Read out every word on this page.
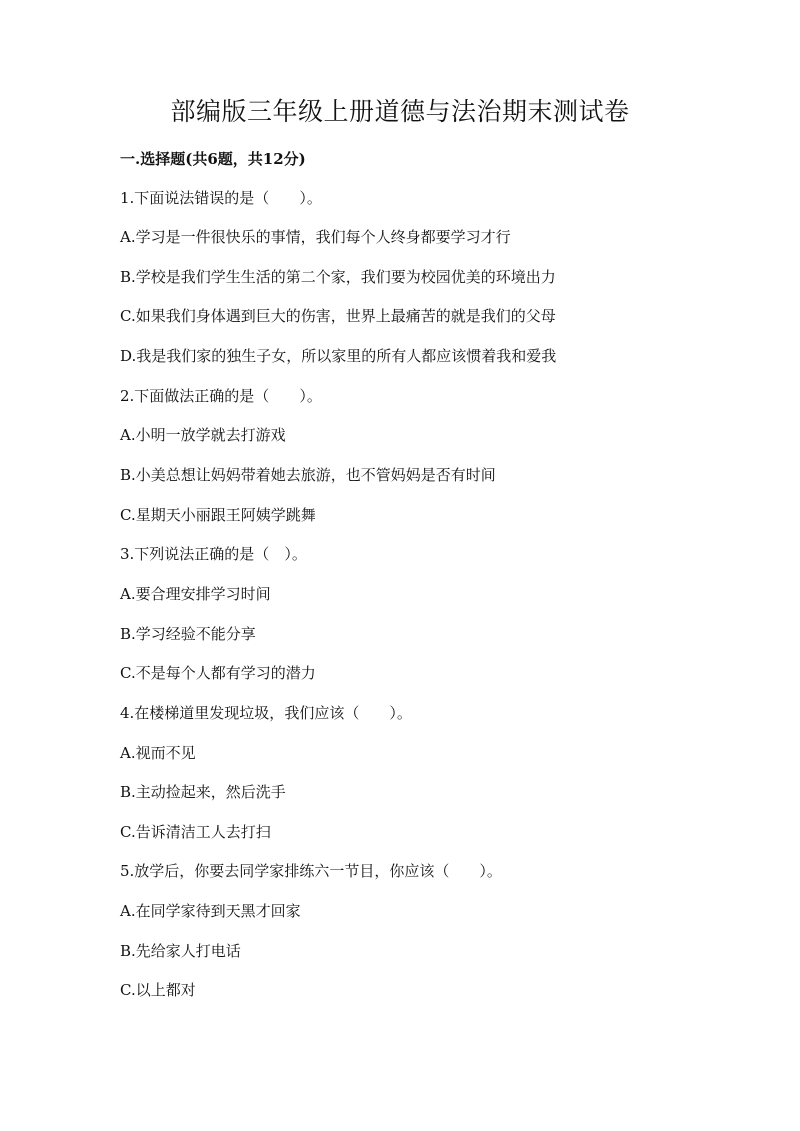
部编版三年级上册道德与法治期末测试卷
一.选择题(共6题，共12分)
1.下面说法错误的是（　　）。
A.学习是一件很快乐的事情，我们每个人终身都要学习才行
B.学校是我们学生生活的第二个家，我们要为校园优美的环境出力
C.如果我们身体遇到巨大的伤害，世界上最痛苦的就是我们的父母
D.我是我们家的独生子女，所以家里的所有人都应该惯着我和爱我
2.下面做法正确的是（　　）。
A.小明一放学就去打游戏
B.小美总想让妈妈带着她去旅游，也不管妈妈是否有时间
C.星期天小丽跟王阿姨学跳舞
3.下列说法正确的是（　）。
A.要合理安排学习时间
B.学习经验不能分享
C.不是每个人都有学习的潜力
4.在楼梯道里发现垃圾，我们应该（　　）。
A.视而不见
B.主动捡起来，然后洗手
C.告诉清洁工人去打扫
5.放学后，你要去同学家排练六一节目，你应该（　　）。
A.在同学家待到天黑才回家
B.先给家人打电话
C.以上都对
